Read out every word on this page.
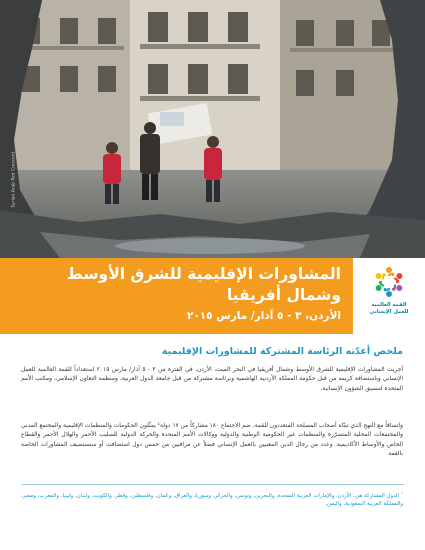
Syrian Arab Red Crescent
المشاورات الإقليمية للشرق الأوسط وشمال أفريقيا
الأردن، ٣ - ٥ آذار/ مارس ٢٠١٥
القمة العالمية
للعمل الإنساني
ملخص أعدّته الرئاسة المشتركة للمشاورات الإقليمية
أجريت المشاورات الإقليمية للشرق الأوسط وشمال أفريقيا في البحر الميت، الأردن، في الفترة من ٣ - ٥ آذار/ مارس ٢٠١٥ استعداداً للقمة العالمية للعمل الإنساني وباستضافة كريمة من قبل حكومة المملكة الأردنية الهاشمية وبرئاسة مشتركة من قبل جامعة الدول العربية، ومنظمة التعاون الإسلامي، ومكتب الأمم المتحدة لتنسيق الشؤون الإنسانية.
واتساقاً مع النهج الذي تبنّاه أصحاب المصلحة المتعددون للقمة، ضم الاجتماع ١٨٠ مشاركاً من ١٧ دولة¹ يمثّلون الحكومات والمنظمات الإقليمية والمجتمع المدني والمجتمعات المحلية المتضرّرة والمنظمات غير الحكومية الوطنية والدولية ووكالات الأمم المتحدة والحركة الدولية للصليب الأحمر والهلال الأحمر والقطاع الخاص والأوساط الأكاديمية. وعدد من رجال الدين المعنيين بالعمل الإنساني فضلاً عن مراقبين من خمس دول استضافت أو ستستضيف المشاورات الخاصة بالقمة
$^١$ الدول المشاركة هي: الأردن، والإمارات العربية المتحدة، والبحرين، وتونس، والجزائر، وسوريا، والعراق، وعُمان، وفلسطين، وقطر، والكويت، ولبنان، وليبيا، والمغرب، ومصر، والمملكة العربية السعودية، واليمن.
